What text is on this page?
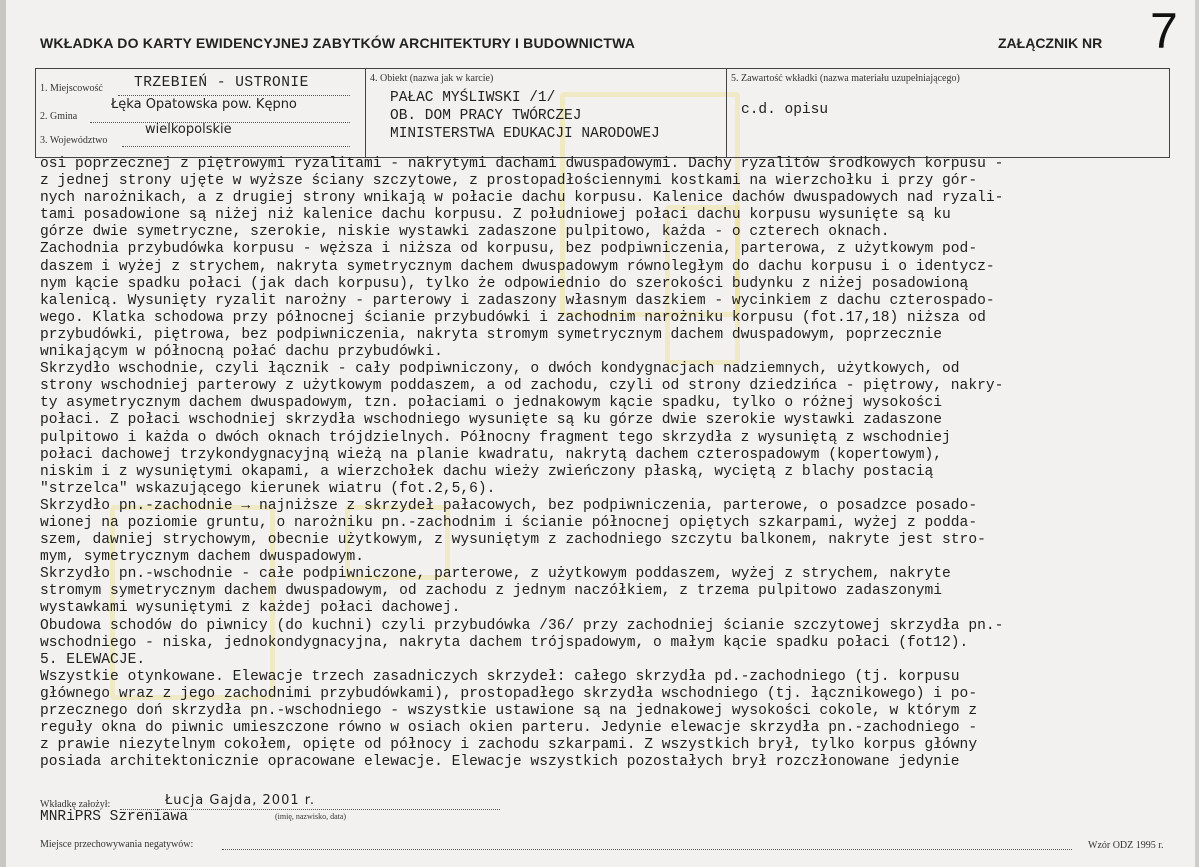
WKŁADKA DO KARTY EWIDENCYJNEJ ZABYTKÓW ARCHITEKTURY I BUDOWNICTWA	ZAŁĄCZNIK NR 7
1. Miejscowość TRZEBIEŃ - USTRONIE
2. Gmina
Łęka Opatowska pow. Kępno
3. Województwo
wielkopolskie
4. Obiekt (nazwa jak w karcie)
PAŁAC MYŚLIWSKI /1/
OB. DOM PRACY TWÓRCZEJ
MINISTERSTWA EDUKACJI NARODOWEJ
5. Zawartość wkładki (nazwa materiału uzupełniającego)
c.d. opisu
osi poprzecznej z piętrowymi ryzalitami - nakrytymi dachami dwuspadowymi. Dachy ryzalitów środkowych korpusu -
z jednej strony ujęte w wyższe ściany szczytowe, z prostopadłościennymi kostkami na wierzchołku i przy gór-
nych narożnikach, a z drugiej strony wnikają w połacie dachu korpusu. Kalenice dachów dwuspadowych nad ryzali-
tami posadowione są niżej niż kalenice dachu korpusu. Z południowej połaci dachu korpusu wysunięte są ku
górze dwie symetryczne, szerokie, niskie wystawki zadaszone pulpitowo, każda - o czterech oknach.
Zachodnia przybudówka korpusu - węższa i niższa od korpusu, bez podpiwniczenia, parterowa, z użytkowym pod-
daszem i wyżej z strychem, nakryta symetrycznym dachem dwuspadowym równoległym do dachu korpusu i o identycz-
nym kącie spadku połaci (jak dach korpusu), tylko że odpowiednio do szerokości budynku z niżej posadowioną
kalenicą. Wysunięty ryzalit narożny - parterowy i zadaszony własnym daszkiem - wycinkiem z dachu czterospado-
wego. Klatka schodowa przy północnej ścianie przybudówki i zachodnim narożniku korpusu (fot.17,18) niższa od
przybudówki, piętrowa, bez podpiwniczenia, nakryta stromym symetrycznym dachem dwuspadowym, poprzecznie
wnikającym w północną połać dachu przybudówki.
Skrzydło wschodnie, czyli łącznik - cały podpiwniczony, o dwóch kondygnacjach nadziemnych, użytkowych, od
strony wschodniej parterowy z użytkowym poddaszem, a od zachodu, czyli od strony dziedzińca - piętrowy, nakry-
ty asymetrycznym dachem dwuspadowym, tzn. połaciami o jednakowym kącie spadku, tylko o różnej wysokości
połaci. Z połaci wschodniej skrzydła wschodniego wysunięte są ku górze dwie szerokie wystawki zadaszone
pulpitowo i każda o dwóch oknach trójdzielnych. Północny fragment tego skrzydła z wysuniętą z wschodniej
połaci dachowej trzykondygnacyjną wieżą na planie kwadratu, nakrytą dachem czterospadowym (kopertowym),
niskim i z wysuniętymi okapami, a wierzchołek dachu wieży zwieńczony płaską, wyciętą z blachy postacią
"strzelca" wskazującego kierunek wiatru (fot.2,5,6).
Skrzydło pn.-zachodnie → najniższe z skrzydeł pałacowych, bez podpiwniczenia, parterowe, o posadzce posado-
wionej na poziomie gruntu, o narożniku pn.-zachodnim i ścianie północnej opiętych szkarpami, wyżej z podda-
szem, dawniej strychowym, obecnie użytkowym, z wysuniętym z zachodniego szczytu balkonem, nakryte jest stro-
mym, symetrycznym dachem dwuspadowym.
Skrzydło pn.-wschodnie - całe podpiwniczone, parterowe, z użytkowym poddaszem, wyżej z strychem, nakryte
stromym symetrycznym dachem dwuspadowym, od zachodu z jednym naczółkiem, z trzema pulpitowo zadaszonymi
wystawkami wysuniętymi z każdej połaci dachowej.
Obudowa schodów do piwnicy (do kuchni) czyli przybudówka /36/ przy zachodniej ścianie szczytowej skrzydła pn.-
wschodniego - niska, jednokondygnacyjna, nakryta dachem trójspadowym, o małym kącie spadku połaci (fot12).
5. ELEWACJE.
Wszystkie otynkowane. Elewacje trzech zasadniczych skrzydeł: całego skrzydła pd.-zachodniego (tj. korpusu
głównego wraz z jego zachodnimi przybudówkami), prostopadłego skrzydła wschodniego (tj. łącznikowego) i po-
przecznego doń skrzydła pn.-wschodniego - wszystkie ustawione są na jednakowej wysokości cokole, w którym z
reguły okna do piwnic umieszczone równo w osiach okien parteru. Jedynie elewacje skrzydła pn.-zachodniego -
z prawie niezytelnym cokołem, opięte od północy i zachodu szkarpami. Z wszystkich brył, tylko korpus główny
posiada architektonicznie opracowane elewacje. Elewacje wszystkich pozostałych brył rozczłonowane jedynie
Wkładkę założył:	Łucja Gajda, 2001 r.
(imię, nazwisko, data)
MNRiPRS Szreniawa
Miejsce przechowywania negatywów:	Wzór ODZ 1995 r.
